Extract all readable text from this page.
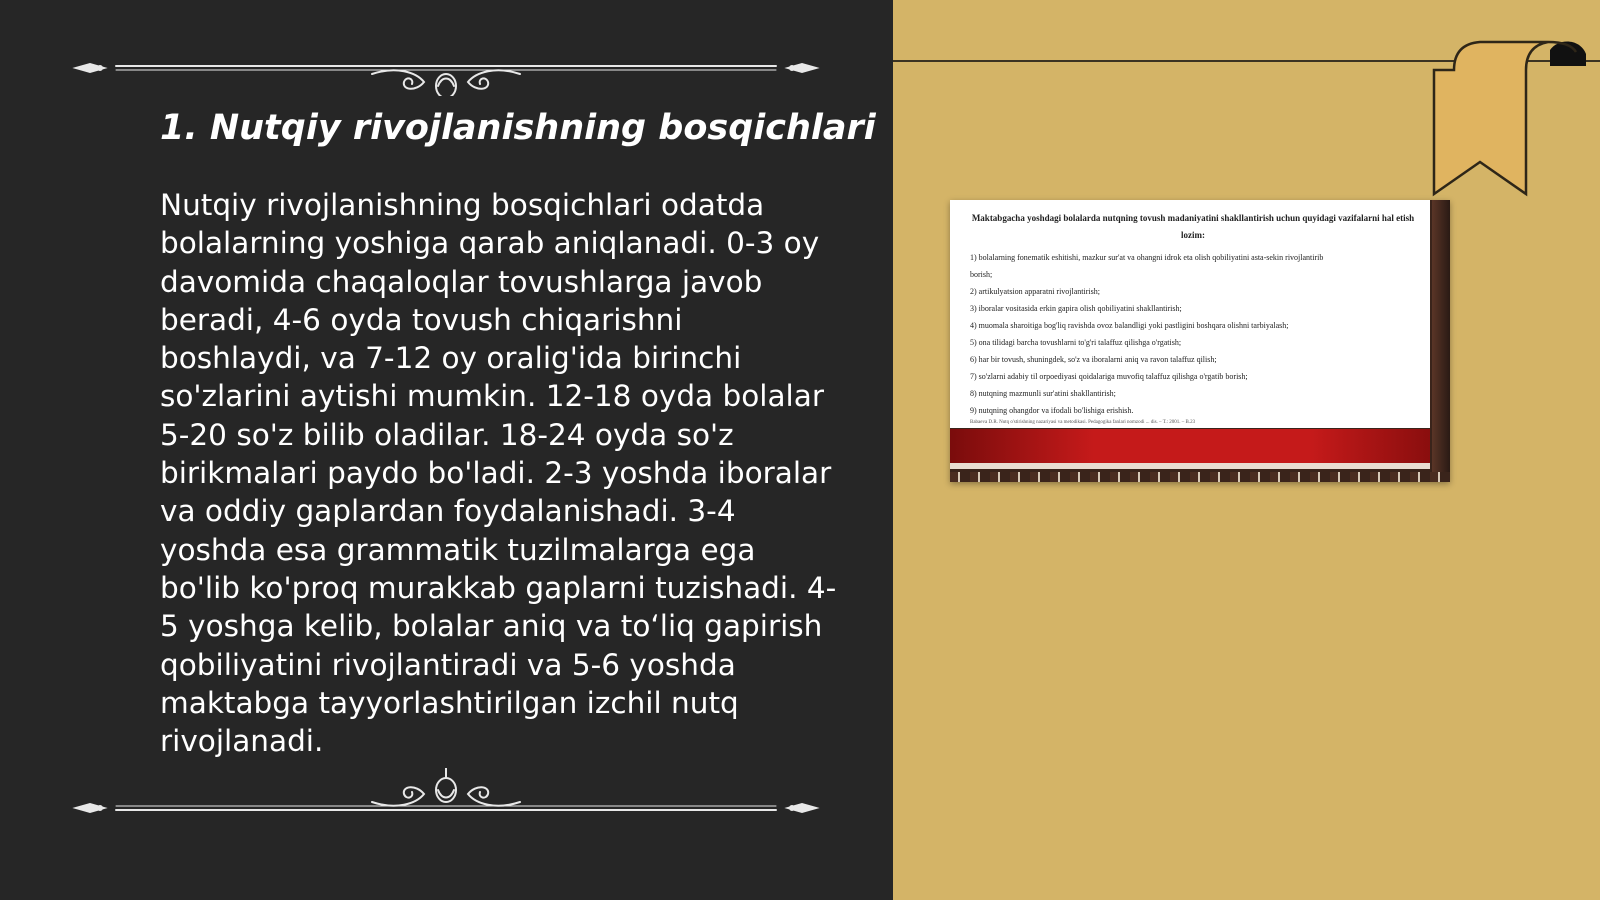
1. Nutqiy rivojlanishning bosqichlari

Nutqiy rivojlanishning bosqichlari odatda bolalarning yoshiga qarab aniqlanadi. 0-3 oy davomida chaqaloqlar tovushlarga javob beradi, 4-6 oyda tovush chiqarishni boshlaydi, va 7-12 oy oralig'ida birinchi so'zlarini aytishi mumkin. 12-18 oyda bolalar 5-20 so'z bilib oladilar. 18-24 oyda so'z birikmalari paydo bo'ladi. 2-3 yoshda iboralar va oddiy gaplardan foydalanishadi. 3-4 yoshda esa grammatik tuzilmalarga ega bo'lib ko'proq murakkab gaplarni tuzishadi. 4-5 yoshga kelib, bolalar aniq va to‘liq gapirish qobiliyatini rivojlantiradi va 5-6 yoshda maktabga tayyorlashtirilgan izchil nutq rivojlanadi.

Maktabgacha yoshdagi bolalarda nutqning tovush madaniyatini shakllantirish uchun quyidagi vazifalarni hal etish lozim:

1) bolalarning fonematik eshitishi, mazkur sur'at va ohangni idrok eta olish qobiliyatini asta-sekin rivojlantirib
borish;
2) artikulyatsion apparatni rivojlantirish;
3) iboralar vositasida erkin gapira olish qobiliyatini shakllantirish;
4) muomala sharoitiga bog'liq ravishda ovoz balandligi yoki pastligini boshqara olishni tarbiyalash;
5) ona tilidagi barcha tovushlarni to'g'ri talaffuz qilishga o'rgatish;
6) har bir tovush, shuningdek, so'z va iboralarni aniq va ravon talaffuz qilish;
7) so'zlarni adabiy til orpoediyasi qoidalariga muvofiq talaffuz qilishga o'rgatib borish;
8) nutqning mazmunli sur'atini shakllantirish;
9) nutqning ohangdor va ifodali bo'lishiga erishish.
Babaeva D.R. Nutq o'stirishning nazariyasi va metodikasi. Pedagogika fanlari nomzodi ... dis. – T.: 2001. – B.23
